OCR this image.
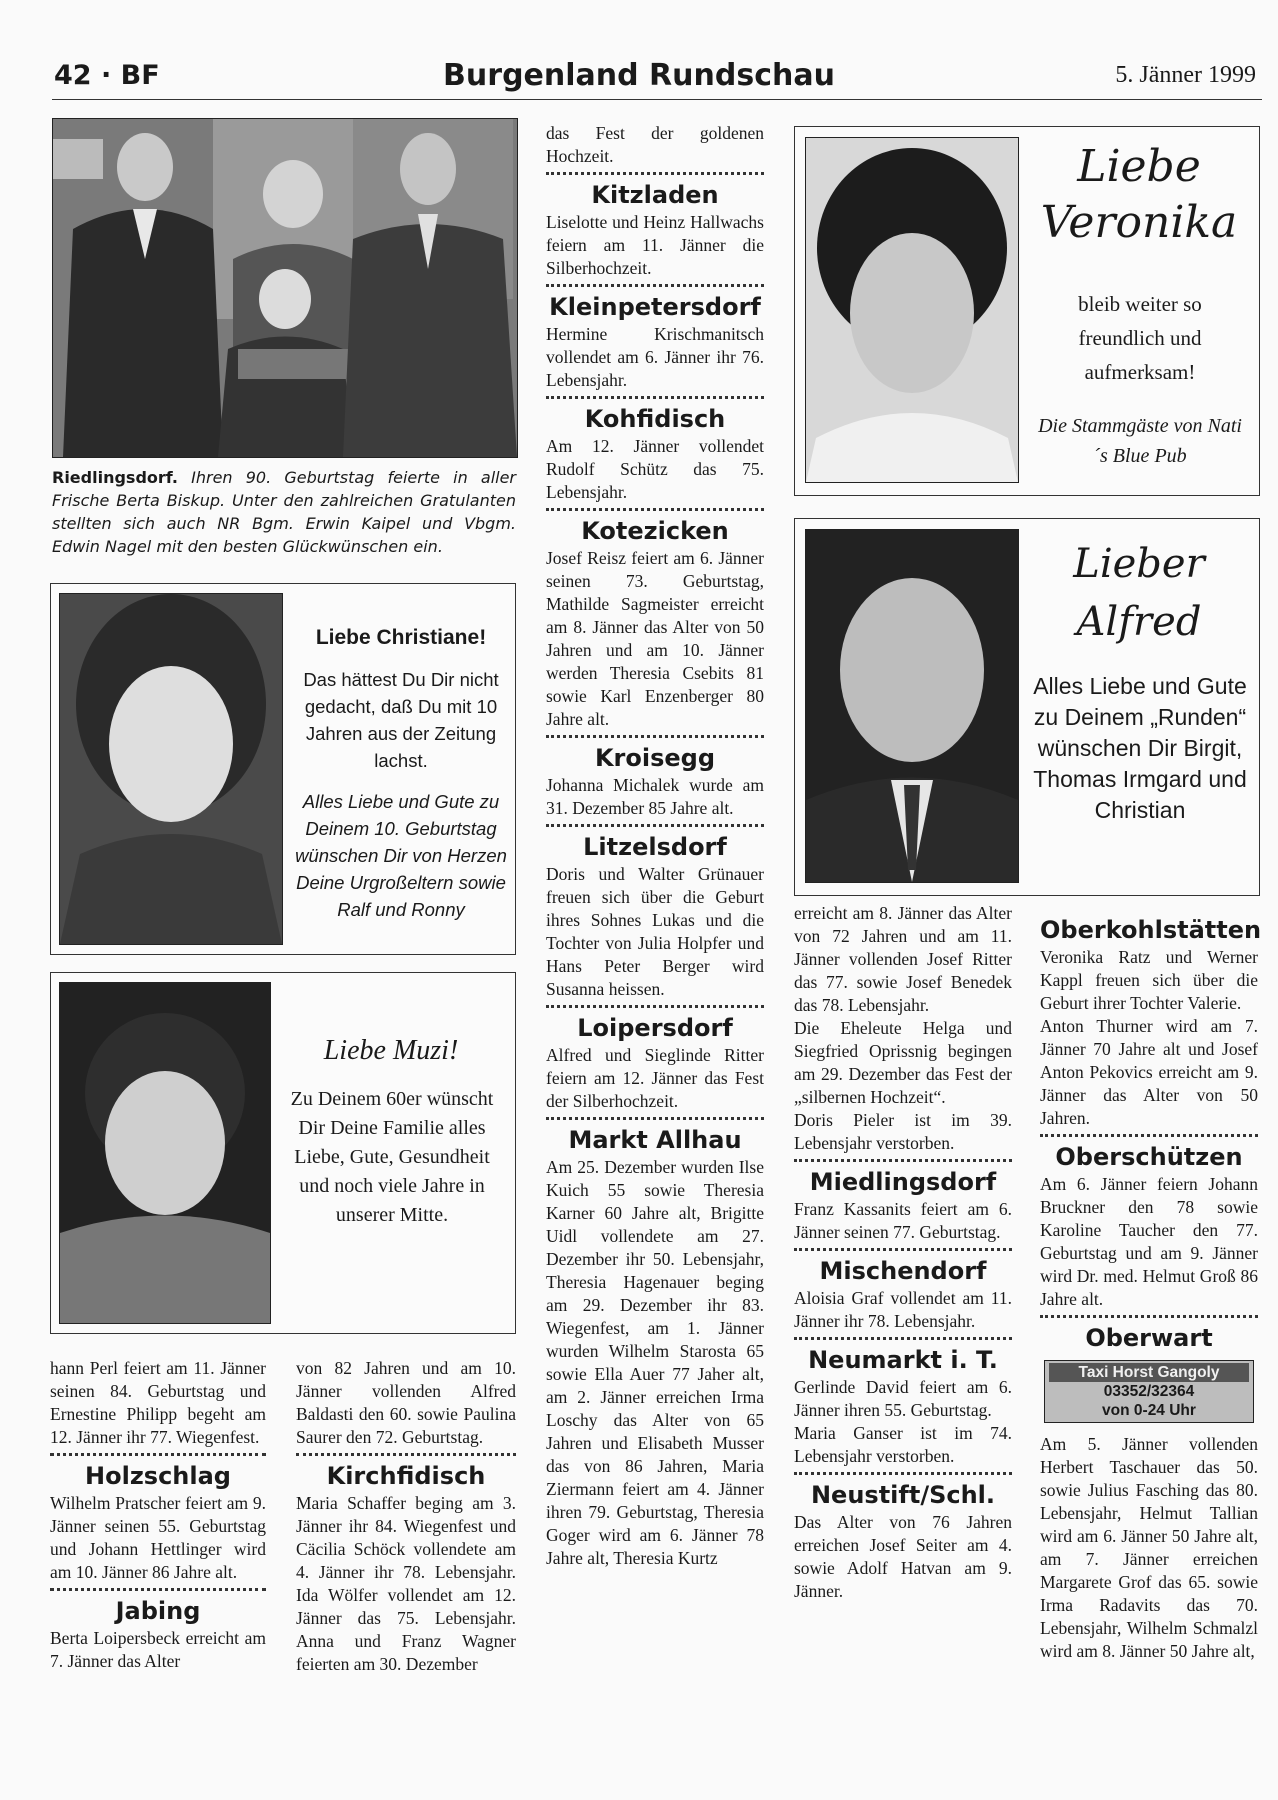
42 · BF	Burgenland Rundschau	5. Jänner 1999
Riedlingsdorf. Ihren 90. Geburtstag feierte in aller Frische Berta Biskup. Unter den zahlreichen Gratulanten stellten sich auch NR Bgm. Erwin Kaipel und Vbgm. Edwin Nagel mit den besten Glückwünschen ein.
Liebe Christiane!
Das hättest Du Dir nicht gedacht, daß Du mit 10 Jahren aus der Zeitung lachst.
Alles Liebe und Gute zu Deinem 10. Geburtstag wünschen Dir von Herzen Deine Urgroßeltern sowie Ralf und Ronny
Liebe Muzi!
Zu Deinem 60er wünscht Dir Deine Familie alles Liebe, Gute, Gesundheit und noch viele Jahre in unserer Mitte.

hann Perl feiert am 11. Jänner seinen 84. Geburtstag und Ernestine Philipp begeht am 12. Jänner ihr 77. Wiegenfest.

Holzschlag

Wilhelm Pratscher feiert am 9. Jänner seinen 55. Geburtstag und Johann Hettlinger wird am 10. Jänner 86 Jahre alt.

Jabing

Berta Loipersbeck erreicht am 7. Jänner das Alter

von 82 Jahren und am 10. Jänner vollenden Alfred Baldasti den 60. sowie Paulina Saurer den 72. Geburtstag.

Kirchfidisch

Maria Schaffer beging am 3. Jänner ihr 84. Wiegenfest und Cäcilia Schöck vollendete am 4. Jänner ihr 78. Lebensjahr. Ida Wölfer vollendet am 12. Jänner das 75. Lebensjahr. Anna und Franz Wagner feierten am 30. Dezember

das Fest der goldenen Hochzeit.

Kitzladen

Liselotte und Heinz Hallwachs feiern am 11. Jänner die Silberhochzeit.

Kleinpetersdorf

Hermine Krischmanitsch vollendet am 6. Jänner ihr 76. Lebensjahr.

Kohfidisch

Am 12. Jänner vollendet Rudolf Schütz das 75. Lebensjahr.

Kotezicken

Josef Reisz feiert am 6. Jänner seinen 73. Geburtstag, Mathilde Sagmeister erreicht am 8. Jänner das Alter von 50 Jahren und am 10. Jänner werden Theresia Csebits 81 sowie Karl Enzenberger 80 Jahre alt.

Kroisegg

Johanna Michalek wurde am 31. Dezember 85 Jahre alt.

Litzelsdorf

Doris und Walter Grünauer freuen sich über die Geburt ihres Sohnes Lukas und die Tochter von Julia Holpfer und Hans Peter Berger wird Susanna heissen.

Loipersdorf

Alfred und Sieglinde Ritter feiern am 12. Jänner das Fest der Silberhochzeit.

Markt Allhau

Am 25. Dezember wurden Ilse Kuich 55 sowie Theresia Karner 60 Jahre alt, Brigitte Uidl vollendete am 27. Dezember ihr 50. Lebensjahr, Theresia Hagenauer beging am 29. Dezember ihr 83. Wiegenfest, am 1. Jänner wurden Wilhelm Starosta 65 sowie Ella Auer 77 Jaher alt, am 2. Jänner erreichen Irma Loschy das Alter von 65 Jahren und Elisabeth Musser das von 86 Jahren, Maria Ziermann feiert am 4. Jänner ihren 79. Geburtstag, Theresia Goger wird am 6. Jänner 78 Jahre alt, Theresia Kurtz

Liebe
Veronika
bleib weiter so freundlich und aufmerksam!
Die Stammgäste von Nati´s Blue Pub
Lieber
Alfred
Alles Liebe und Gute zu Deinem „Runden“ wünschen Dir Birgit, Thomas Irmgard und Christian

erreicht am 8. Jänner das Alter von 72 Jahren und am 11. Jänner vollenden Josef Ritter das 77. sowie Josef Benedek das 78. Lebensjahr.

Die Eheleute Helga und Siegfried Oprissnig begingen am 29. Dezember das Fest der „silbernen Hochzeit“.

Doris Pieler ist im 39. Lebensjahr verstorben.

Miedlingsdorf

Franz Kassanits feiert am 6. Jänner seinen 77. Geburtstag.

Mischendorf

Aloisia Graf vollendet am 11. Jänner ihr 78. Lebensjahr.

Neumarkt i. T.

Gerlinde David feiert am 6. Jänner ihren 55. Geburtstag.

Maria Ganser ist im 74. Lebensjahr verstorben.

Neustift/Schl.

Das Alter von 76 Jahren erreichen Josef Seiter am 4. sowie Adolf Hatvan am 9. Jänner.

Oberkohlstätten

Veronika Ratz und Werner Kappl freuen sich über die Geburt ihrer Tochter Valerie.

Anton Thurner wird am 7. Jänner 70 Jahre alt und Josef Anton Pekovics erreicht am 9. Jänner das Alter von 50 Jahren.

Oberschützen

Am 6. Jänner feiern Johann Bruckner den 78 sowie Karoline Taucher den 77. Geburtstag und am 9. Jänner wird Dr. med. Helmut Groß 86 Jahre alt.

Oberwart
Taxi Horst Gangoly
03352/32364
von 0-24 Uhr

Am 5. Jänner vollenden Herbert Taschauer das 50. sowie Julius Fasching das 80. Lebensjahr, Helmut Tallian wird am 6. Jänner 50 Jahre alt, am 7. Jänner erreichen Margarete Grof das 65. sowie Irma Radavits das 70. Lebensjahr, Wilhelm Schmalzl wird am 8. Jänner 50 Jahre alt,
